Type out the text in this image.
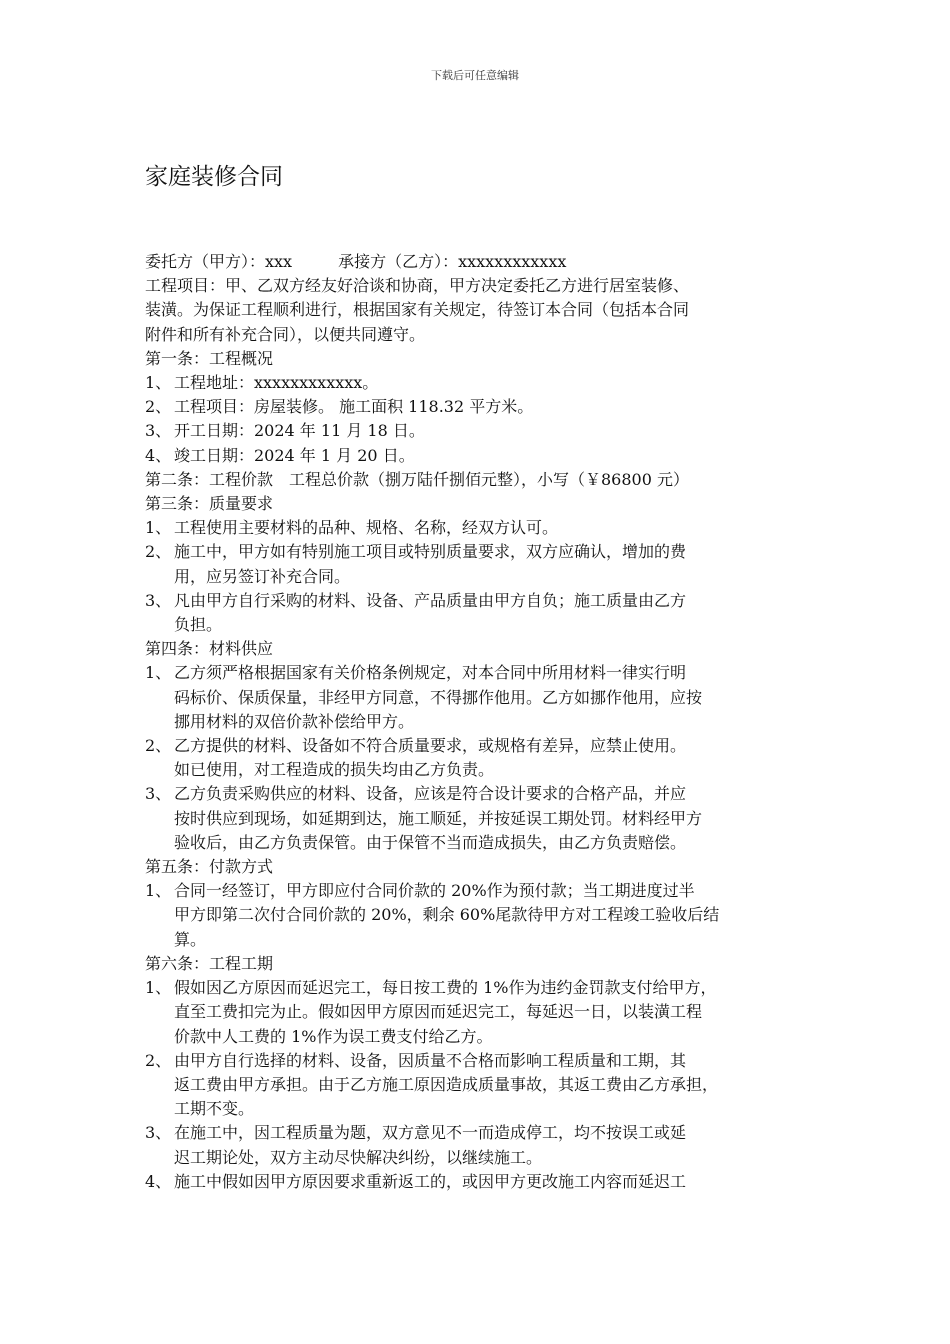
下载后可任意编辑
家庭装修合同
委托方（甲方）：xxx	承接方（乙方）：xxxxxxxxxxxx
工程项目：甲、乙双方经友好洽谈和协商，甲方决定委托乙方进行居室装修、
装潢。为保证工程顺利进行，根据国家有关规定，待签订本合同（包括本合同
附件和所有补充合同），以便共同遵守。
第一条：工程概况
1、 工程地址：xxxxxxxxxxxx。
2、 工程项目：房屋装修。 施工面积 118.32 平方米。
3、 开工日期：2024 年 11 月 18 日。
4、 竣工日期：2024 年 1 月 20 日。
第二条：工程价款　工程总价款（捌万陆仟捌佰元整），小写（￥86800 元）
第三条：质量要求
1、 工程使用主要材料的品种、规格、名称，经双方认可。
2、 施工中，甲方如有特别施工项目或特别质量要求，双方应确认，增加的费
用，应另签订补充合同。
3、 凡由甲方自行采购的材料、设备、产品质量由甲方自负；施工质量由乙方
负担。
第四条：材料供应
1、 乙方须严格根据国家有关价格条例规定，对本合同中所用材料一律实行明
码标价、保质保量，非经甲方同意，不得挪作他用。乙方如挪作他用，应按
挪用材料的双倍价款补偿给甲方。
2、 乙方提供的材料、设备如不符合质量要求，或规格有差异，应禁止使用。
如已使用，对工程造成的损失均由乙方负责。
3、 乙方负责采购供应的材料、设备，应该是符合设计要求的合格产品，并应
按时供应到现场，如延期到达，施工顺延，并按延误工期处罚。材料经甲方
验收后，由乙方负责保管。由于保管不当而造成损失，由乙方负责赔偿。
第五条：付款方式
1、 合同一经签订，甲方即应付合同价款的 20%作为预付款；当工期进度过半
甲方即第二次付合同价款的 20%，剩余 60%尾款待甲方对工程竣工验收后结
算。
第六条：工程工期
1、 假如因乙方原因而延迟完工，每日按工费的 1%作为违约金罚款支付给甲方，
直至工费扣完为止。假如因甲方原因而延迟完工，每延迟一日，以装潢工程
价款中人工费的 1%作为误工费支付给乙方。
2、 由甲方自行选择的材料、设备，因质量不合格而影响工程质量和工期，其
返工费由甲方承担。由于乙方施工原因造成质量事故，其返工费由乙方承担，
工期不变。
3、 在施工中，因工程质量为题，双方意见不一而造成停工，均不按误工或延
迟工期论处，双方主动尽快解决纠纷，以继续施工。
4、 施工中假如因甲方原因要求重新返工的，或因甲方更改施工内容而延迟工
